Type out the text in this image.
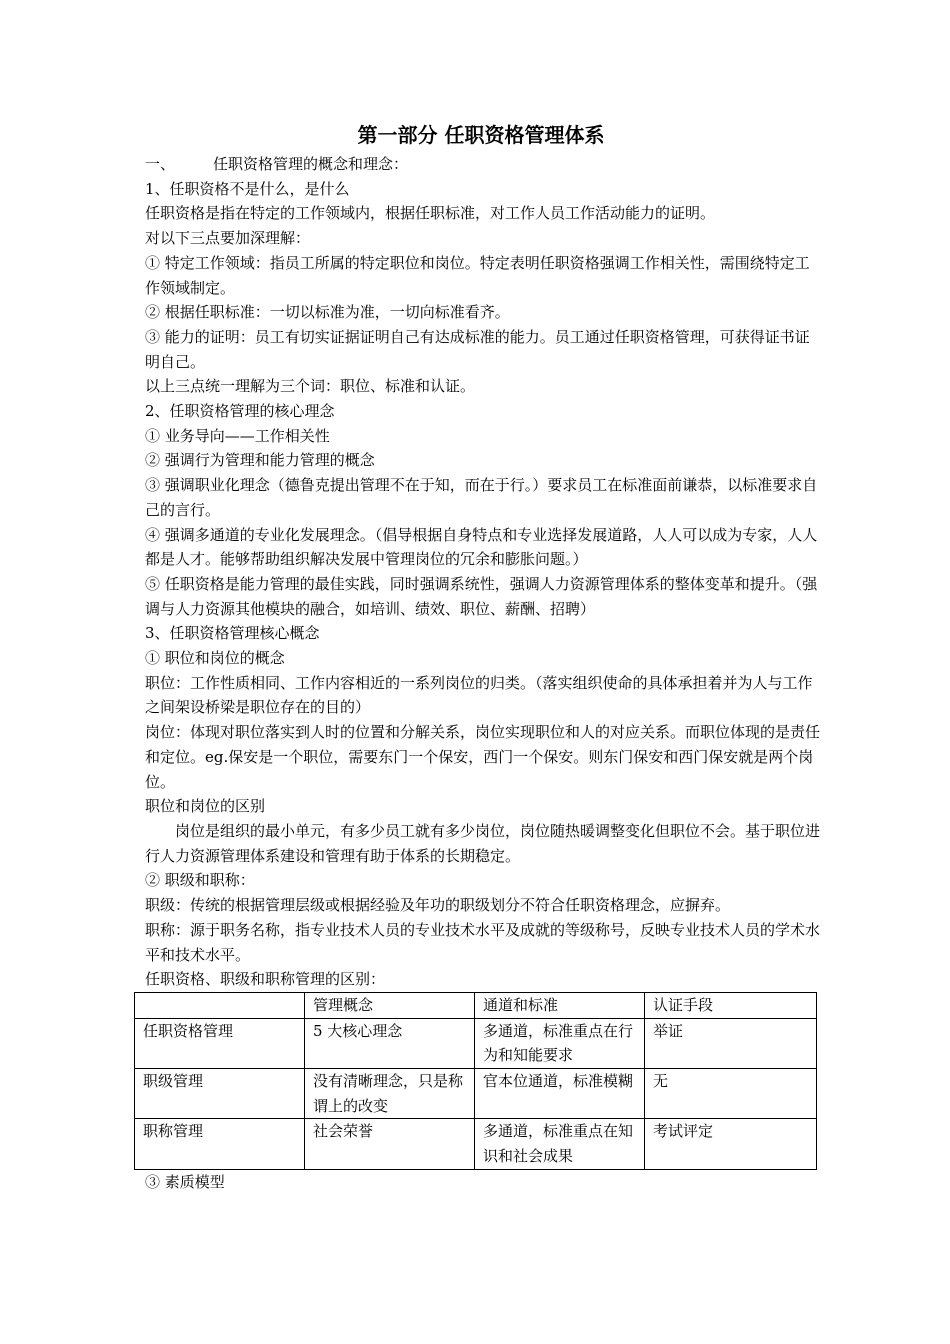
第一部分 任职资格管理体系

一、	任职资格管理的概念和理念：

1、任职资格不是什么，是什么

任职资格是指在特定的工作领域内，根据任职标准，对工作人员工作活动能力的证明。

对以下三点要加深理解：

① 特定工作领域：指员工所属的特定职位和岗位。特定表明任职资格强调工作相关性，需围绕特定工作领域制定。

② 根据任职标准：一切以标准为准，一切向标准看齐。

③ 能力的证明：员工有切实证据证明自己有达成标准的能力。员工通过任职资格管理，可获得证书证明自己。

以上三点统一理解为三个词：职位、标准和认证。

2、任职资格管理的核心理念

① 业务导向——工作相关性

② 强调行为管理和能力管理的概念

③ 强调职业化理念（德鲁克提出管理不在于知，而在于行。）要求员工在标准面前谦恭，以标准要求自己的言行。

④ 强调多通道的专业化发展理念。（倡导根据自身特点和专业选择发展道路，人人可以成为专家，人人都是人才。能够帮助组织解决发展中管理岗位的冗余和膨胀问题。）

⑤ 任职资格是能力管理的最佳实践，同时强调系统性，强调人力资源管理体系的整体变革和提升。（强调与人力资源其他模块的融合，如培训、绩效、职位、薪酬、招聘）

3、任职资格管理核心概念

① 职位和岗位的概念

职位：工作性质相同、工作内容相近的一系列岗位的归类。（落实组织使命的具体承担着并为人与工作之间架设桥梁是职位存在的目的）

岗位：体现对职位落实到人时的位置和分解关系，岗位实现职位和人的对应关系。而职位体现的是责任和定位。eg.保安是一个职位，需要东门一个保安，西门一个保安。则东门保安和西门保安就是两个岗位。

职位和岗位的区别

岗位是组织的最小单元，有多少员工就有多少岗位，岗位随热暖调整变化但职位不会。基于职位进行人力资源管理体系建设和管理有助于体系的长期稳定。

② 职级和职称：

职级：传统的根据管理层级或根据经验及年功的职级划分不符合任职资格理念，应摒弃。

职称：源于职务名称，指专业技术人员的专业技术水平及成就的等级称号，反映专业技术人员的学术水平和技术水平。

任职资格、职级和职称管理的区别：

	管理概念	通道和标准	认证手段
任职资格管理	5 大核心理念	多通道，标准重点在行为和知能要求	举证
职级管理	没有清晰理念，只是称谓上的改变	官本位通道，标准模糊	无
职称管理	社会荣誉	多通道，标准重点在知识和社会成果	考试评定

③ 素质模型
